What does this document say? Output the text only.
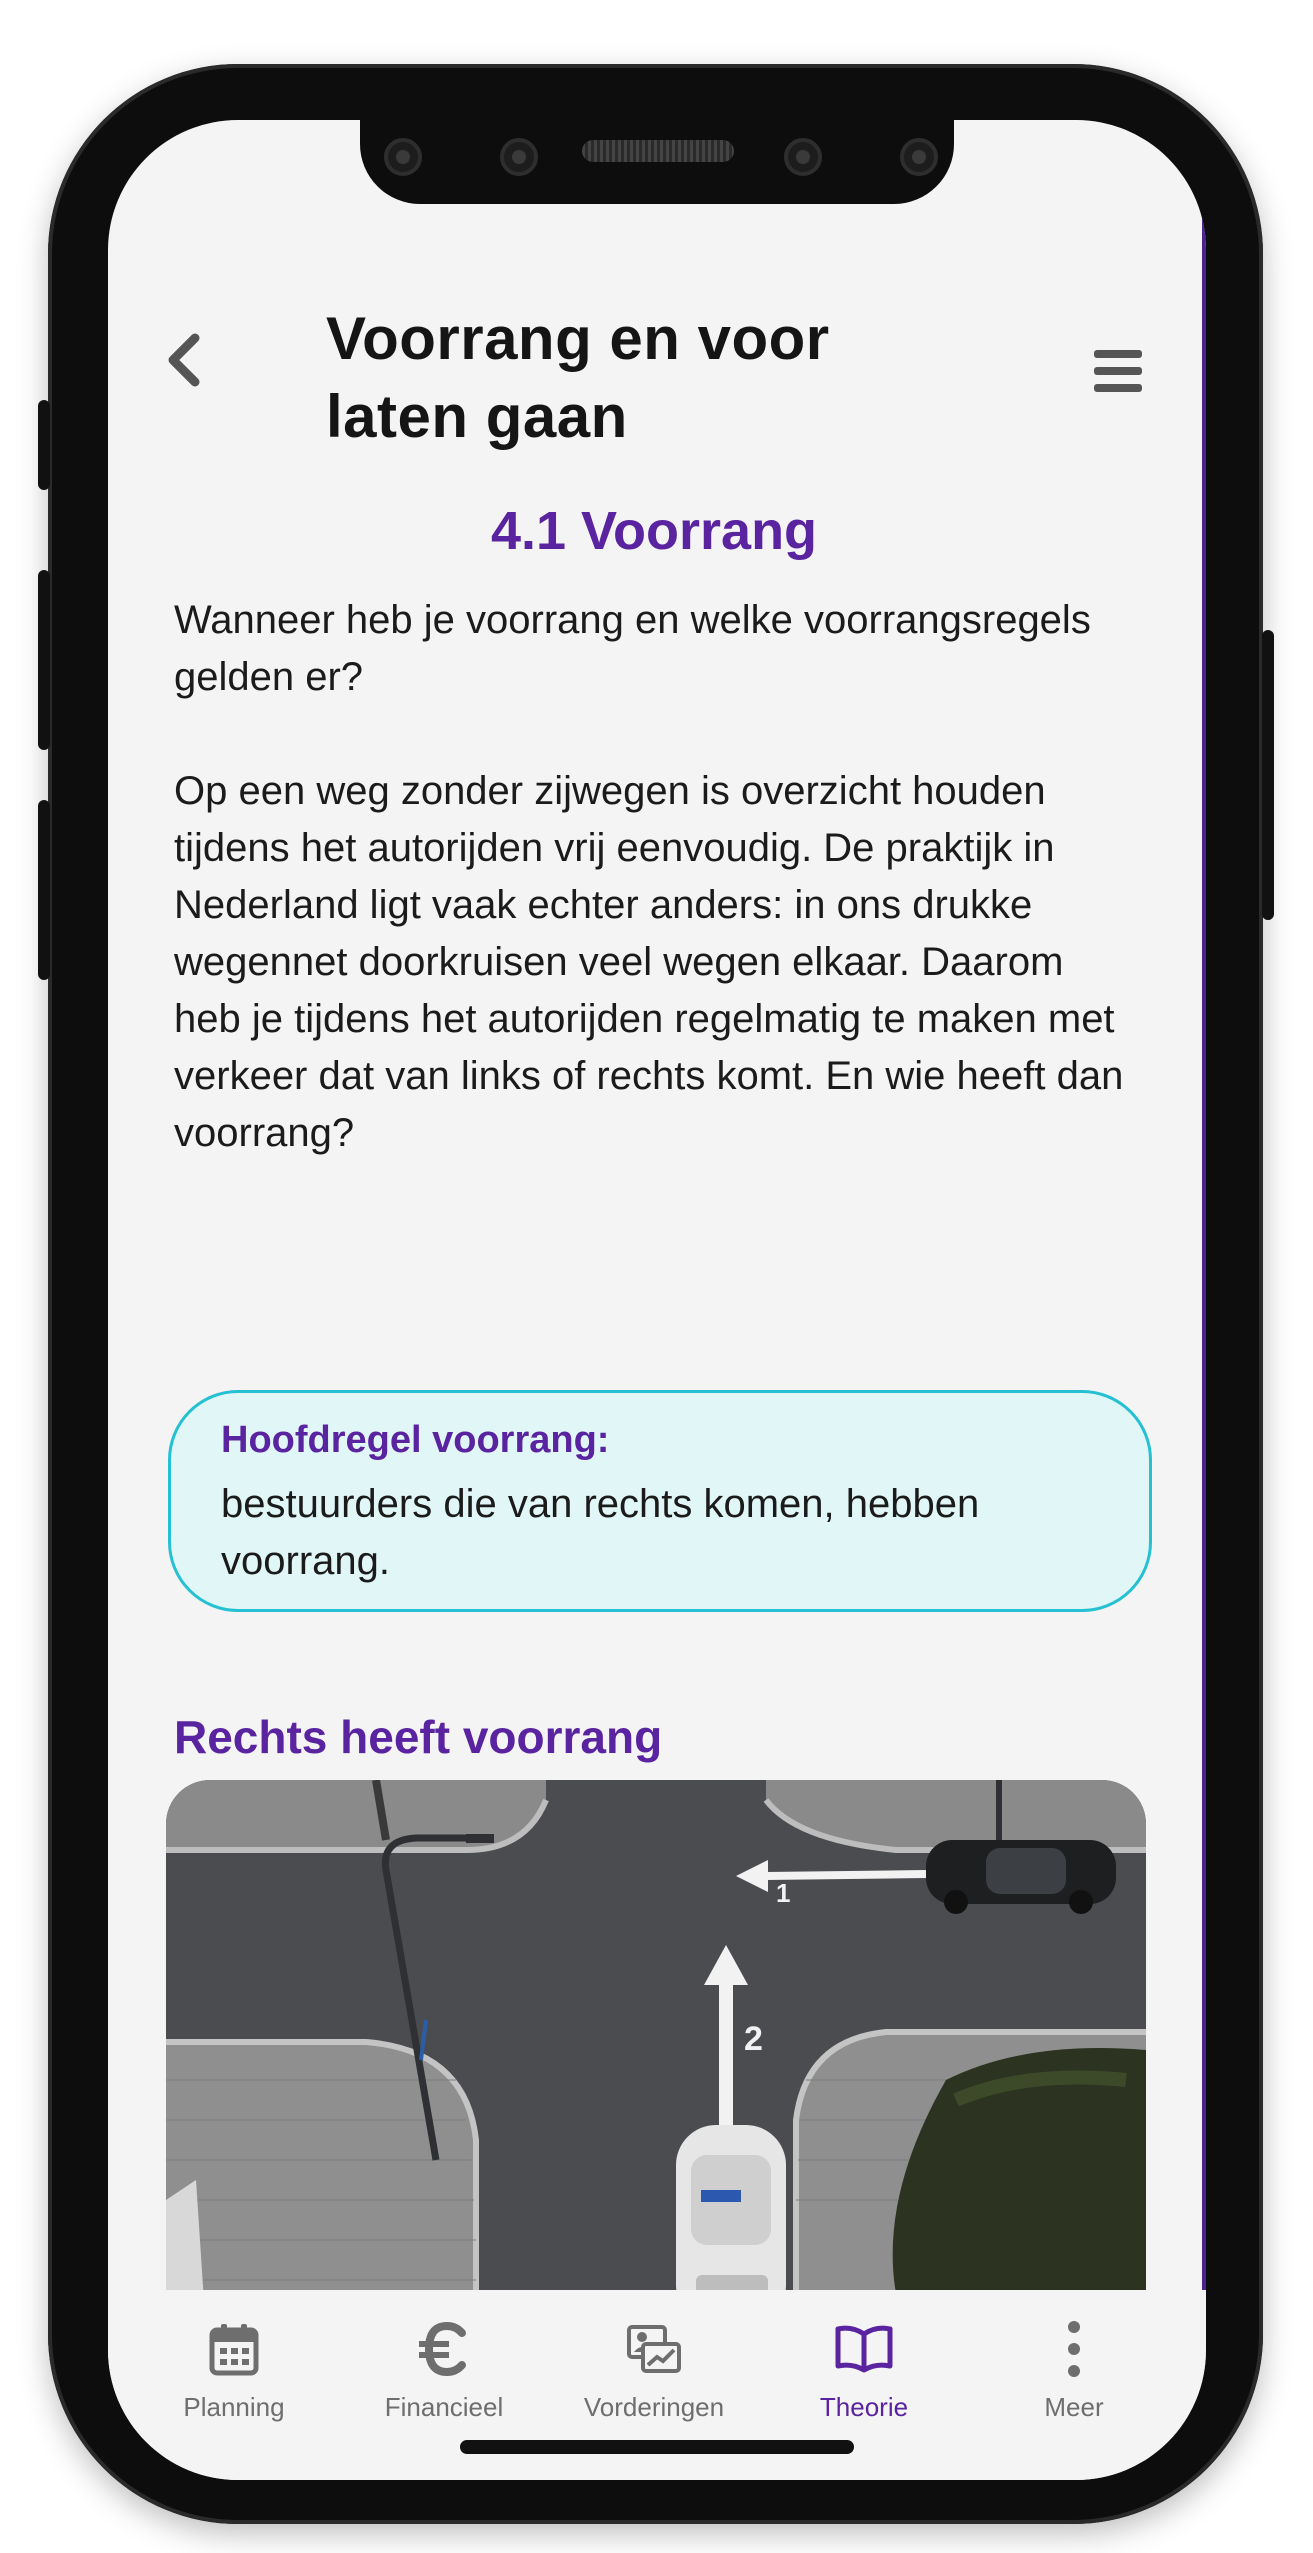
Voorrang en voor laten gaan
4.1 Voorrang

Wanneer heb je voorrang en welke voorrangsregels gelden er?

Op een weg zonder zijwegen is overzicht houden tijdens het autorijden vrij eenvoudig. De praktijk in Nederland ligt vaak echter anders: in ons drukke wegennet doorkruisen veel wegen elkaar. Daarom heb je tijdens het autorijden regelmatig te maken met verkeer dat van links of rechts komt. En wie heeft dan voorrang?

Hoofdregel voorrang:
bestuurders die van rechts komen, hebben voorrang.
Rechts heeft voorrang
1
2
Planning	Financieel	Vorderingen	Theorie	Meer
